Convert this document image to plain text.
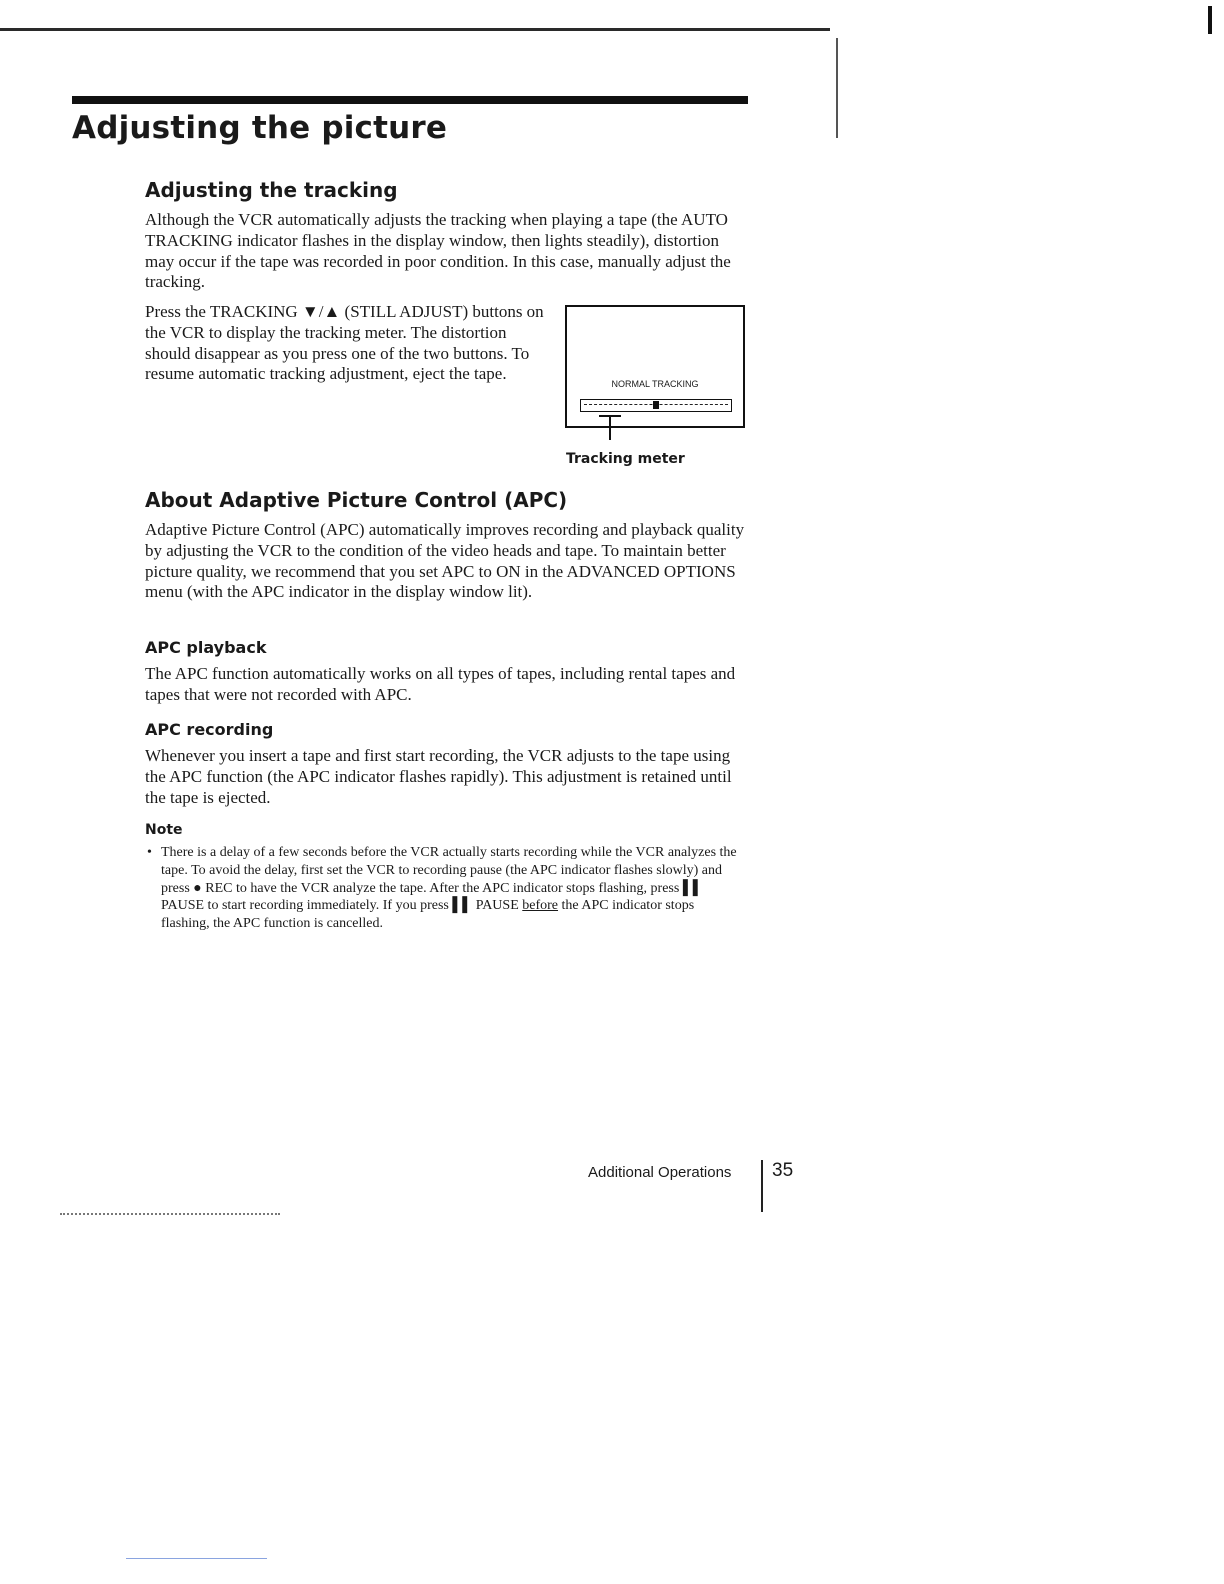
Adjusting the picture
Adjusting the tracking

Although the VCR automatically adjusts the tracking when playing a tape (the AUTO TRACKING indicator flashes in the display window, then lights steadily), distortion may occur if the tape was recorded in poor condition. In this case, manually adjust the tracking.

Press the TRACKING ▼/▲ (STILL ADJUST) buttons on the VCR to display the tracking meter. The distortion should disappear as you press one of the two buttons. To resume automatic tracking adjustment, eject the tape.

NORMAL TRACKING
Tracking meter
About Adaptive Picture Control (APC)

Adaptive Picture Control (APC) automatically improves recording and playback quality by adjusting the VCR to the condition of the video heads and tape. To maintain better picture quality, we recommend that you set APC to ON in the ADVANCED OPTIONS menu (with the APC indicator in the display window lit).

APC playback

The APC function automatically works on all types of tapes, including rental tapes and tapes that were not recorded with APC.

APC recording

Whenever you insert a tape and first start recording, the VCR adjusts to the tape using the APC function (the APC indicator flashes rapidly). This adjustment is retained until the tape is ejected.

Note
• There is a delay of a few seconds before the VCR actually starts recording while the VCR analyzes the tape. To avoid the delay, first set the VCR to recording pause (the APC indicator flashes slowly) and press ● REC to have the VCR analyze the tape. After the APC indicator stops flashing, press ▌▌ PAUSE to start recording immediately. If you press ▌▌ PAUSE before the APC indicator stops flashing, the APC function is cancelled.
Additional Operations 35
